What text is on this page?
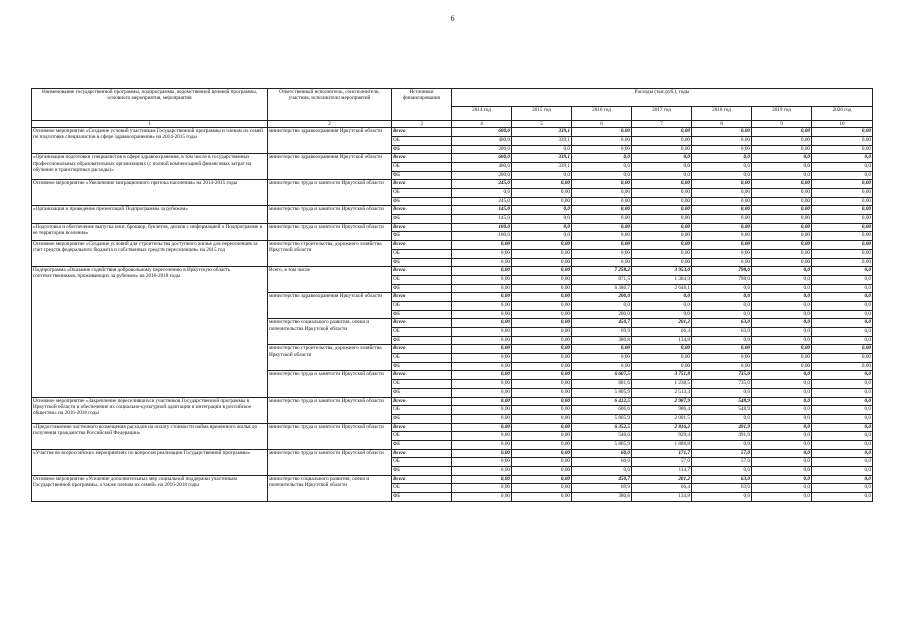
6
Наименование государственной программы, подпрограммы, ведомственной целевой программы, основного мероприятия, мероприятия	Ответственный исполнитель, соисполнители, участник, исполнители мероприятий	Источники финансирования	Расходы (тыс.руб.), годы						
			2014 год	2015 год	2016 год	2017 год	2018 год	2019 год	2020 год
1	2	3	4	5	6	7	8	9	10
Основное мероприятие «Создание условий участникам Государственной программы и членам их семей по подготовке специалистов в сфере здравоохранения» на 2014-2015 годы	министерство здравоохранения Иркутской области	Всего	600,0	339,1	0,00	0,00	0,00	0,00	0,00
		ОБ	400,0	339,1	0,00	0,00	0,00	0,00	0,00
		ФБ	200,0	0,0	0,00	0,00	0,00	0,00	0,00
«Организация подготовки специалистов в сфере здравоохранения, в том числе в государственных профессиональных образовательных организациях (с полной компенсацией финансовых затрат на обучение и транспортных расходы)»	министерство здравоохранения Иркутской области	Всего	600,0	339,1	0,0	0,0	0,0	0,0	0,0
		ОБ	400,0	339,1	0,0	0,0	0,0	0,0	0,0
		ФБ	200,0	0,0	0,0	0,0	0,0	0,0	0,0
Основное мероприятие «Увеличение миграционного притока населения» на 2014-2015 годы	министерство труда и занятости Иркутской области	Всего	245,0	0,00	0,00	0,00	0,00	0,00	0,00
		ОБ	0,0	0,00	0,00	0,00	0,00	0,00	0,00
		ФБ	245,0	0,00	0,00	0,00	0,00	0,00	0,00
«Организация и проведение презентаций Подпрограммы за рубежом»	министерство труда и занятости Иркутской области	Всего	145,0	0,0	0,00	0,00	0,00	0,00	0,00
		ФБ	145,0	0,0	0,00	0,00	0,00	0,00	0,00
«Подготовка и обеспечение выпуска книг, брошюр, буклетов, дисков с информацией о Подпрограмме и ее территории вселения»	министерство труда и занятости Иркутской области	Всего	100,0	0,0	0,00	0,00	0,00	0,00	0,00
		ФБ	100,0	0,0	0,00	0,00	0,00	0,00	0,00
Основное мероприятие «Создание условий для строительства доступного жилья для переселенцев за счет средств федерального бюджета и собственных средств переселенцев» на 2015 год	министерство строительства, дорожного хозяйства Иркутской области	Всего	0,00	0,00	0,00	0,00	0,00	0,00	0,00
		ОБ	0,00	0,00	0,00	0,00	0,00	0,00	0,00
		ФБ	0,00	0,00	0,00	0,00	0,00	0,00	0,00
Подпрограмма «Оказание содействия добровольному переселению в Иркутскую область соотечественников, проживающих за рубежом» на 2016-2018 годы	Всего, в том числе	Всего	0,00	0,00	7 258,2	3 953,0	798,0	0,0	0,0
		ОБ	0,00	0,00	871,5	1 304,9	798,0	0,0	0,0
		ФБ	0,00	0,00	6 386,7	2 648,1	0,0	0,0	0,0
	министерство здравоохранения Иркутской области	Всего	0,00	0,00	200,0	0,0	0,0	0,0	0,0
		ОБ	0,00	0,00	0,0	0,0	0,0	0,0	0,0
		ФБ	0,00	0,00	200,0	0,0	0,0	0,0	0,0
	министерство социального развития, опеки и попечительства Иркутской области	Всего	0,00	0,00	450,7	201,2	63,0	0,0	0,0
		ОБ	0,00	0,00	69,9	66,4	63,0	0,0	0,0
		ФБ	0,00	0,00	380,8	134,8	0,0	0,0	0,0
	министерство строительства, дорожного хозяйства Иркутской области	Всего	0,00	0,00	0,00	0,00	0,00	0,00	0,00
		ОБ	0,00	0,00	0,00	0,00	0,00	0,00	0,00
		ФБ	0,00	0,00	0,00	0,00	0,00	0,00	0,00
	министерство труда и занятости Иркутской области	Всего	0,00	0,00	6 607,5	3 751,8	735,0	0,0	0,0
		ОБ	0,00	0,00	801,6	1 238,5	735,0	0,0	0,0
		ФБ	0,00	0,00	5 805,9	2 513,3	0,0	0,0	0,0
Основное мероприятие «Закрепление переселившихся участников Государственной программы в Иркутской области и обеспечение их социально-культурной адаптации и интеграции в российское общество» на 2016-2018 годы	министерство труда и занятости Иркутской области	Всего	0,00	0,00	6 412,5	2 987,9	548,9	0,0	0,0
		ОБ	0,00	0,00	606,6	986,4	548,9	0,0	0,0
		ФБ	0,00	0,00	5 805,9	2 001,5	0,0	0,0	0,0
«Предоставление частичного возмещения расходов на оплату стоимости найма временного жилья до получения гражданства Российской Федерации»	министерство труда и занятости Иркутской области	Всего	0,00	0,00	6 352,5	2 816,2	491,9	0,0	0,0
		ОБ	0,00	0,00	546,6	929,4	491,9	0,0	0,0
		ФБ	0,00	0,00	5 805,9	1 886,8	0,0	0,0	0,0
«Участие во всероссийских мероприятиях по вопросам реализации Государственной программы»	министерство труда и занятости Иркутской области	Всего	0,00	0,00	60,0	171,7	57,0	0,0	0,0
		ОБ	0,00	0,00	60,0	57,0	57,0	0,0	0,0
		ФБ	0,00	0,00	0,0	114,7	0,0	0,0	0,0
Основное мероприятие «Усиление дополнительных мер социальной поддержки участникам Государственной программы, а также членам их семей» на 2016-2018 годы	министерство социального развития, опеки и попечительства Иркутской области	Всего	0,00	0,00	450,7	201,2	63,0	0,0	0,0
		ОБ	0,00	0,00	69,9	66,4	63,0	0,0	0,0
		ФБ	0,00	0,00	380,8	134,8	0,0	0,0	0,0
